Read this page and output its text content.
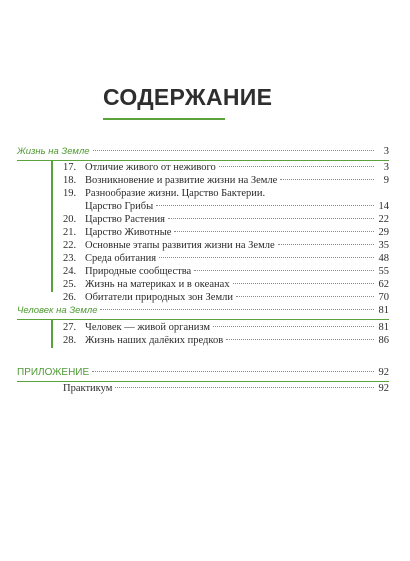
СОДЕРЖАНИЕ
Жизнь на Земле	3
17. Отличие живого от неживого	3
18. Возникновение и развитие жизни на Земле	9
19. Разнообразие жизни. Царство Бактерии.
Царство Грибы	14
20. Царство Растения	22
21. Царство Животные	29
22. Основные этапы развития жизни на Земле	35
23. Среда обитания	48
24. Природные сообщества	55
25. Жизнь на материках и в океанах	62
26. Обитатели природных зон Земли	70
Человек на Земле	81
27. Человек — живой организм	81
28. Жизнь наших далёких предков	86
ПРИЛОЖЕНИЕ	92
Практикум	92
